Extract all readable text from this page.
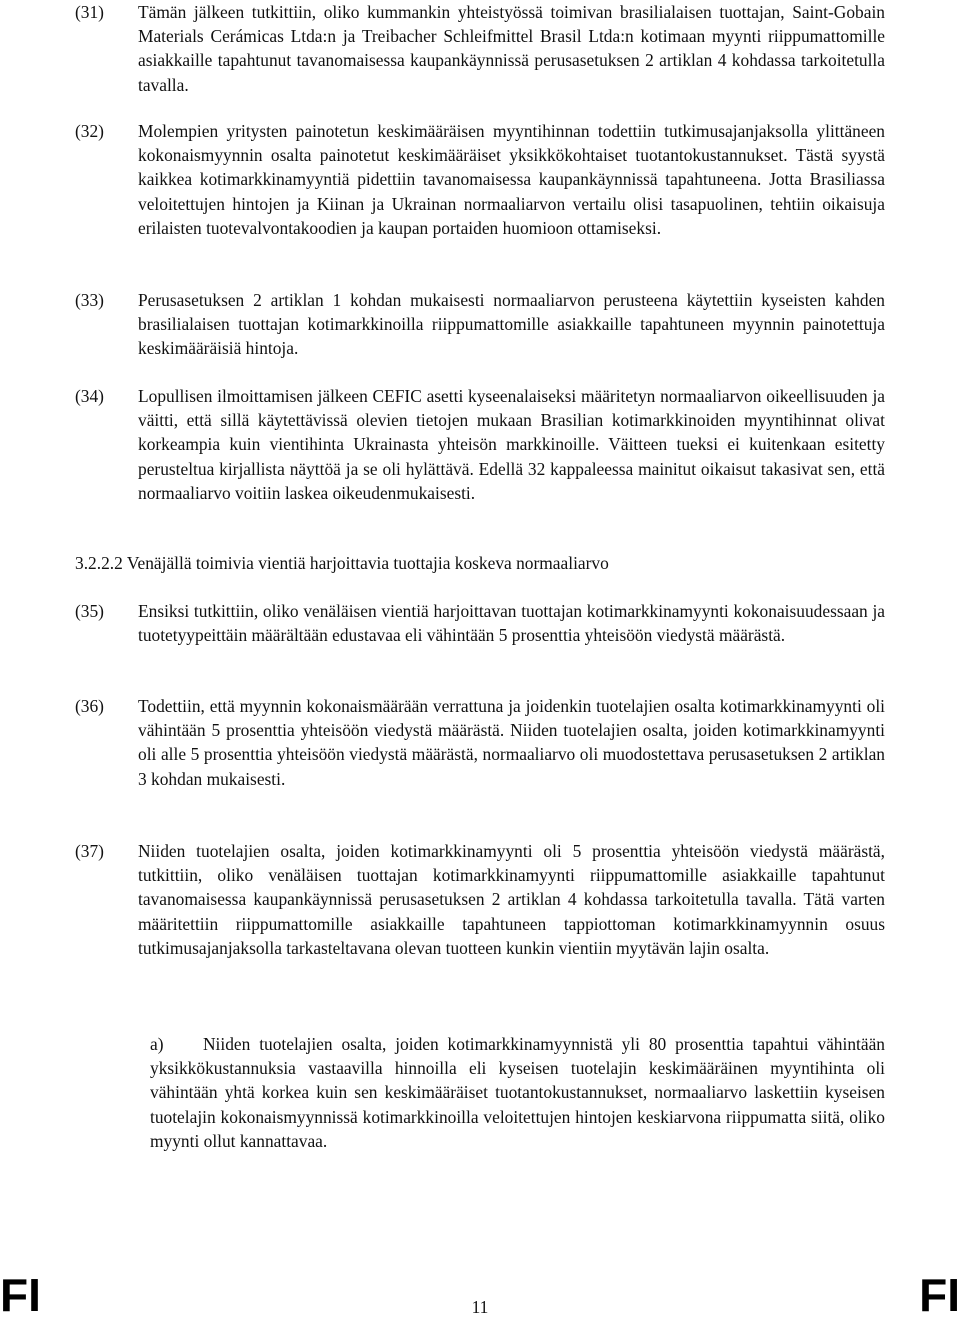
(31)	Tämän jälkeen tutkittiin, oliko kummankin yhteistyössä toimivan brasilialaisen tuottajan, Saint-Gobain Materials Cerámicas Ltda:n ja Treibacher Schleifmittel Brasil Ltda:n kotimaan myynti riippumattomille asiakkaille tapahtunut tavanomaisessa kaupankäynnissä perusasetuksen 2 artiklan 4 kohdassa tarkoitetulla tavalla.
(32)	Molempien yritysten painotetun keskimääräisen myyntihinnan todettiin tutkimusajanjaksolla ylittäneen kokonaismyynnin osalta painotetut keskimääräiset yksikkökohtaiset tuotantokustannukset. Tästä syystä kaikkea kotimarkkinamyyntiä pidettiin tavanomaisessa kaupankäynnissä tapahtuneena. Jotta Brasiliassa veloitettujen hintojen ja Kiinan ja Ukrainan normaaliarvon vertailu olisi tasapuolinen, tehtiin oikaisuja erilaisten tuotevalvontakoodien ja kaupan portaiden huomioon ottamiseksi.
(33)	Perusasetuksen 2 artiklan 1 kohdan mukaisesti normaaliarvon perusteena käytettiin kyseisten kahden brasilialaisen tuottajan kotimarkkinoilla riippumattomille asiakkaille tapahtuneen myynnin painotettuja keskimääräisiä hintoja.
(34)	Lopullisen ilmoittamisen jälkeen CEFIC asetti kyseenalaiseksi määritetyn normaaliarvon oikeellisuuden ja väitti, että sillä käytettävissä olevien tietojen mukaan Brasilian kotimarkkinoiden myyntihinnat olivat korkeampia kuin vientihinta Ukrainasta yhteisön markkinoille. Väitteen tueksi ei kuitenkaan esitetty perusteltua kirjallista näyttöä ja se oli hylättävä. Edellä 32 kappaleessa mainitut oikaisut takasivat sen, että normaaliarvo voitiin laskea oikeudenmukaisesti.
3.2.2.2 Venäjällä toimivia vientiä harjoittavia tuottajia koskeva normaaliarvo
(35)	Ensiksi tutkittiin, oliko venäläisen vientiä harjoittavan tuottajan kotimarkkinamyynti kokonaisuudessaan ja tuotetyypeittäin määrältään edustavaa eli vähintään 5 prosenttia yhteisöön viedystä määrästä.
(36)	Todettiin, että myynnin kokonaismäärään verrattuna ja joidenkin tuotelajien osalta kotimarkkinamyynti oli vähintään 5 prosenttia yhteisöön viedystä määrästä. Niiden tuotelajien osalta, joiden kotimarkkinamyynti oli alle 5 prosenttia yhteisöön viedystä määrästä, normaaliarvo oli muodostettava perusasetuksen 2 artiklan 3 kohdan mukaisesti.
(37)	Niiden tuotelajien osalta, joiden kotimarkkinamyynti oli 5 prosenttia yhteisöön viedystä määrästä, tutkittiin, oliko venäläisen tuottajan kotimarkkinamyynti riippumattomille asiakkaille tapahtunut tavanomaisessa kaupankäynnissä perusasetuksen 2 artiklan 4 kohdassa tarkoitetulla tavalla. Tätä varten määritettiin riippumattomille asiakkaille tapahtuneen tappiottoman kotimarkkinamyynnin osuus tutkimusajanjaksolla tarkasteltavana olevan tuotteen kunkin vientiin myytävän lajin osalta.
a) Niiden tuotelajien osalta, joiden kotimarkkinamyynnistä yli 80 prosenttia tapahtui vähintään yksikkökustannuksia vastaavilla hinnoilla eli kyseisen tuotelajin keskimääräinen myyntihinta oli vähintään yhtä korkea kuin sen keskimääräiset tuotantokustannukset, normaaliarvo laskettiin kyseisen tuotelajin kokonaismyynnissä kotimarkkinoilla veloitettujen hintojen keskiarvona riippumatta siitä, oliko myynti ollut kannattavaa.
FI	11	FI
